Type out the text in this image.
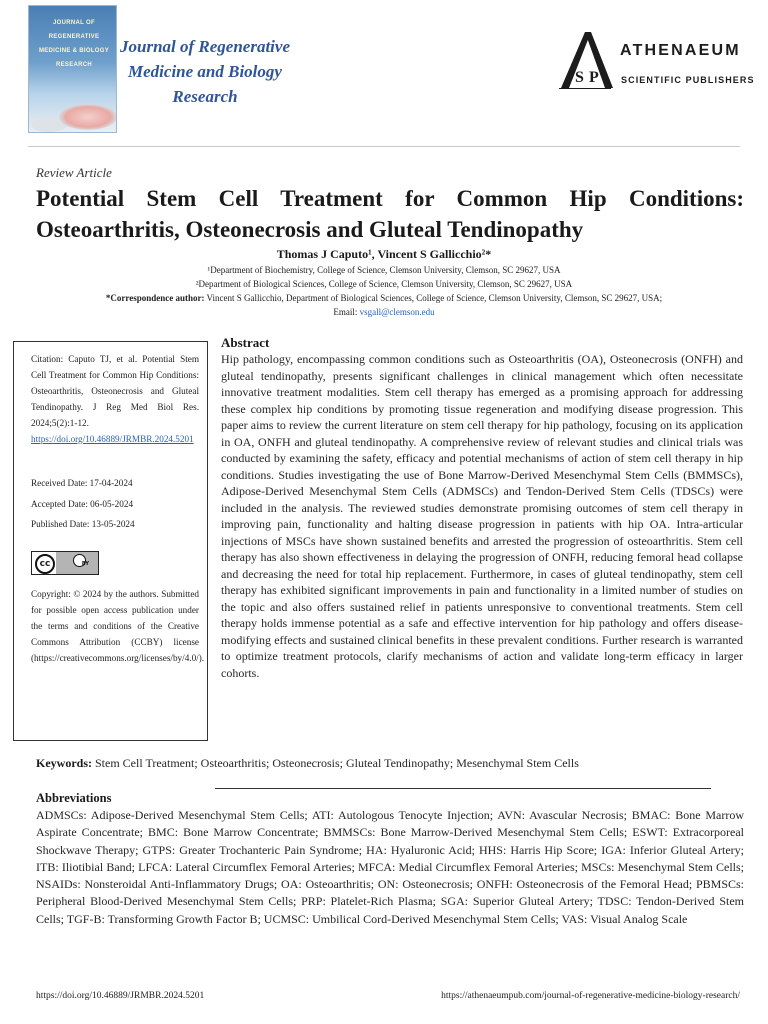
JOURNAL OF REGENERATIVE MEDICINE & BIOLOGY RESEARCH
Journal of Regenerative Medicine and Biology Research
S P
ATHENAEUM
SCIENTIFIC PUBLISHERS
Review Article
Potential Stem Cell Treatment for Common Hip Conditions: Osteoarthritis, Osteonecrosis and Gluteal Tendinopathy
Thomas J Caputo¹, Vincent S Gallicchio²*
¹Department of Biochemistry, College of Science, Clemson University, Clemson, SC 29627, USA
²Department of Biological Sciences, College of Science, Clemson University, Clemson, SC 29627, USA
*Correspondence author: Vincent S Gallicchio, Department of Biological Sciences, College of Science, Clemson University, Clemson, SC 29627, USA;
Email: vsgall@clemson.edu
Citation: Caputo TJ, et al. Potential Stem Cell Treatment for Common Hip Conditions: Osteoarthritis, Osteonecrosis and Gluteal Tendinopathy. J Reg Med Biol Res. 2024;5(2):1-12.
https://doi.org/10.46889/JRMBR.2024.5201
Received Date: 17-04-2024
Accepted Date: 06-05-2024
Published Date: 13-05-2024
cc	BY
Copyright: © 2024 by the authors. Submitted for possible open access publication under the terms and conditions of the Creative Commons Attribution (CCBY) license (https://creativecommons.org/licenses/by/4.0/).
Abstract
Hip pathology, encompassing common conditions such as Osteoarthritis (OA), Osteonecrosis (ONFH) and gluteal tendinopathy, presents significant challenges in clinical management which often necessitate innovative treatment modalities. Stem cell therapy has emerged as a promising approach for addressing these complex hip conditions by promoting tissue regeneration and modifying disease progression. This paper aims to review the current literature on stem cell therapy for hip pathology, focusing on its application in OA, ONFH and gluteal tendinopathy. A comprehensive review of relevant studies and clinical trials was conducted by examining the safety, efficacy and potential mechanisms of action of stem cell therapy in hip conditions. Studies investigating the use of Bone Marrow-Derived Mesenchymal Stem Cells (BMMSCs), Adipose-Derived Mesenchymal Stem Cells (ADMSCs) and Tendon-Derived Stem Cells (TDSCs) were included in the analysis. The reviewed studies demonstrate promising outcomes of stem cell therapy in improving pain, functionality and halting disease progression in patients with hip OA. Intra-articular injections of MSCs have shown sustained benefits and arrested the progression of osteoarthritis. Stem cell therapy has also shown effectiveness in delaying the progression of ONFH, reducing femoral head collapse and decreasing the need for total hip replacement. Furthermore, in cases of gluteal tendinopathy, stem cell therapy has exhibited significant improvements in pain and functionality in a limited number of studies on the topic and also offers sustained relief in patients unresponsive to conventional treatments. Stem cell therapy holds immense potential as a safe and effective intervention for hip pathology and offers disease-modifying effects and sustained clinical benefits in these prevalent conditions. Further research is warranted to optimize treatment protocols, clarify mechanisms of action and validate long-term efficacy in larger cohorts.
Keywords: Stem Cell Treatment; Osteoarthritis; Osteonecrosis; Gluteal Tendinopathy; Mesenchymal Stem Cells
Abbreviations
ADMSCs: Adipose-Derived Mesenchymal Stem Cells; ATI: Autologous Tenocyte Injection; AVN: Avascular Necrosis; BMAC: Bone Marrow Aspirate Concentrate; BMC: Bone Marrow Concentrate; BMMSCs: Bone Marrow-Derived Mesenchymal Stem Cells; ESWT: Extracorporeal Shockwave Therapy; GTPS: Greater Trochanteric Pain Syndrome; HA: Hyaluronic Acid; HHS: Harris Hip Score; IGA: Inferior Gluteal Artery; ITB: Iliotibial Band; LFCA: Lateral Circumflex Femoral Arteries; MFCA: Medial Circumflex Femoral Arteries; MSCs: Mesenchymal Stem Cells; NSAIDs: Nonsteroidal Anti-Inflammatory Drugs; OA: Osteoarthritis; ON: Osteonecrosis; ONFH: Osteonecrosis of the Femoral Head; PBMSCs: Peripheral Blood-Derived Mesenchymal Stem Cells; PRP: Platelet-Rich Plasma; SGA: Superior Gluteal Artery; TDSC: Tendon-Derived Stem Cells; TGF-B: Transforming Growth Factor B; UCMSC: Umbilical Cord-Derived Mesenchymal Stem Cells; VAS: Visual Analog Scale
https://doi.org/10.46889/JRMBR.2024.5201	https://athenaeumpub.com/journal-of-regenerative-medicine-biology-research/
